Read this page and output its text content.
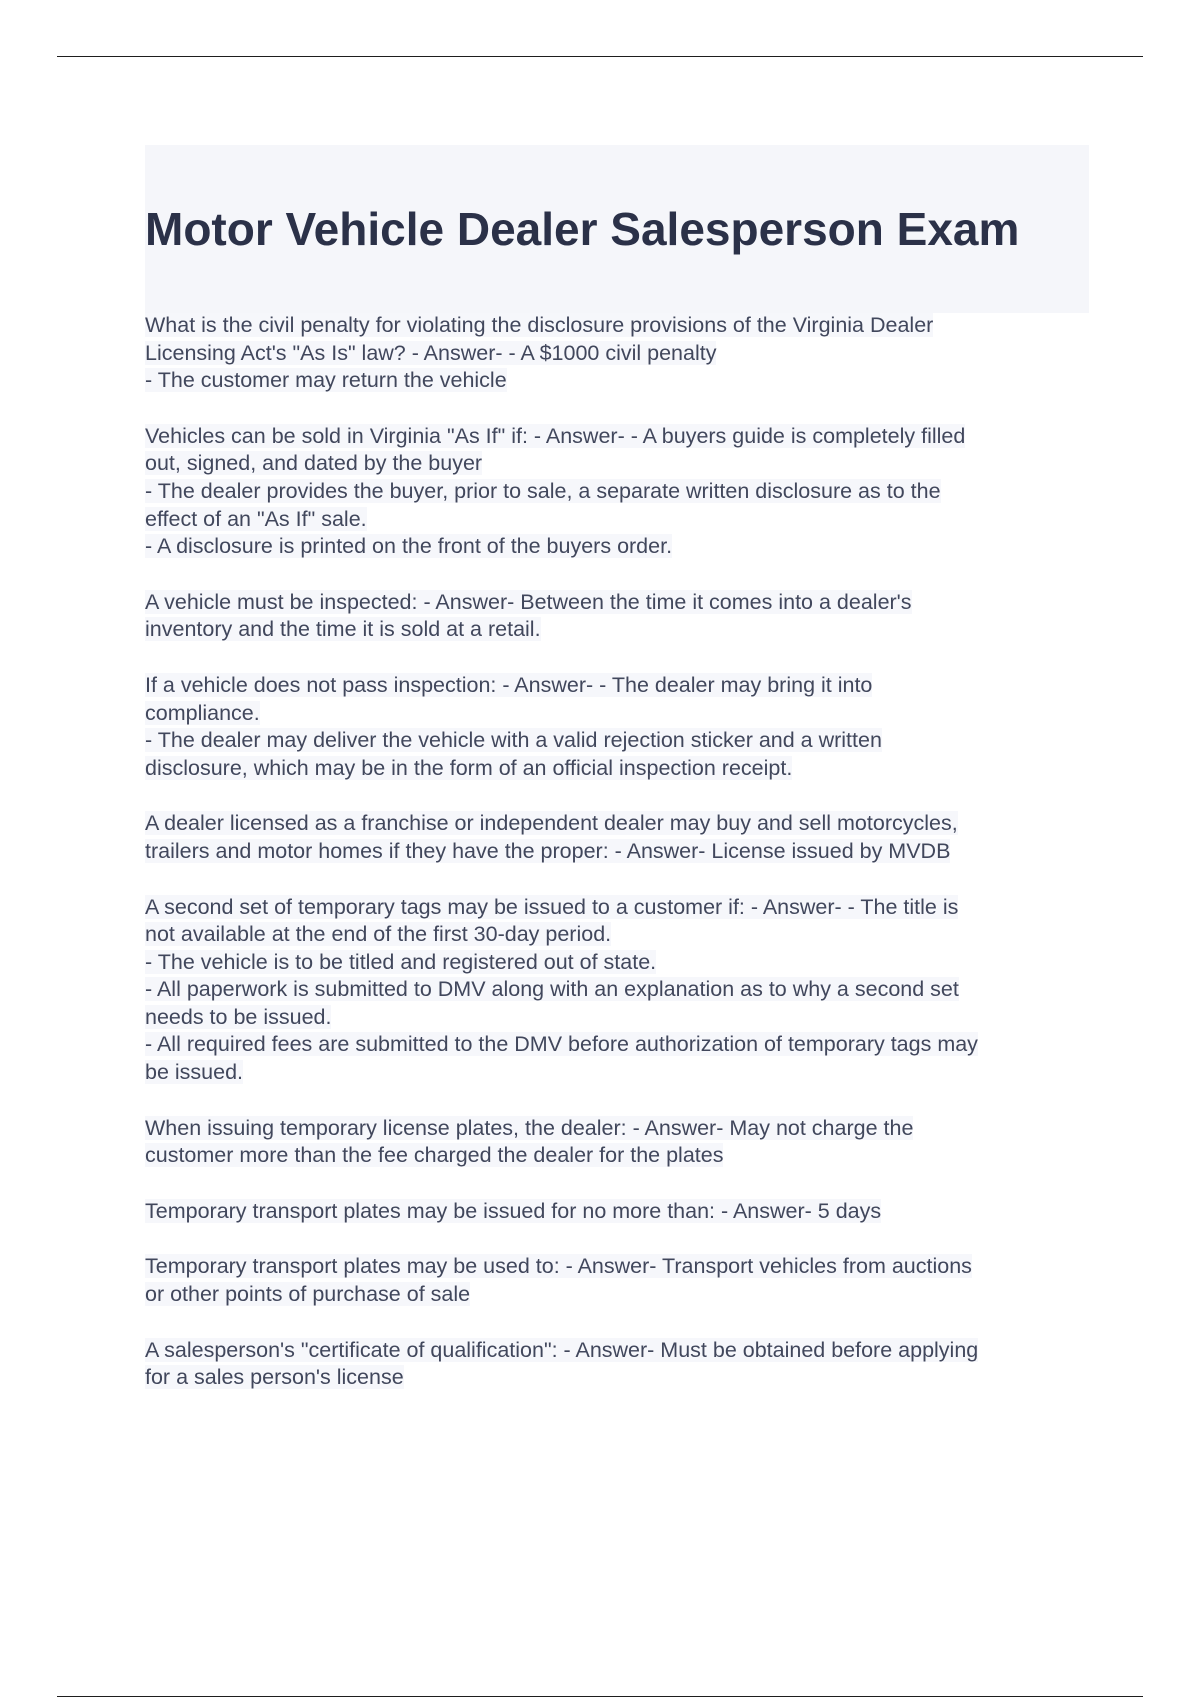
Motor Vehicle Dealer Salesperson Exam
What is the civil penalty for violating the disclosure provisions of the Virginia Dealer
Licensing Act's "As Is" law? - Answer- - A $1000 civil penalty
- The customer may return the vehicle
Vehicles can be sold in Virginia "As If" if: - Answer- - A buyers guide is completely filled
out, signed, and dated by the buyer
- The dealer provides the buyer, prior to sale, a separate written disclosure as to the
effect of an "As If" sale.
- A disclosure is printed on the front of the buyers order.
A vehicle must be inspected: - Answer- Between the time it comes into a dealer's
inventory and the time it is sold at a retail.
If a vehicle does not pass inspection: - Answer- - The dealer may bring it into
compliance.
- The dealer may deliver the vehicle with a valid rejection sticker and a written
disclosure, which may be in the form of an official inspection receipt.
A dealer licensed as a franchise or independent dealer may buy and sell motorcycles,
trailers and motor homes if they have the proper: - Answer- License issued by MVDB
A second set of temporary tags may be issued to a customer if: - Answer- - The title is
not available at the end of the first 30-day period.
- The vehicle is to be titled and registered out of state.
- All paperwork is submitted to DMV along with an explanation as to why a second set
needs to be issued.
- All required fees are submitted to the DMV before authorization of temporary tags may
be issued.
When issuing temporary license plates, the dealer: - Answer- May not charge the
customer more than the fee charged the dealer for the plates
Temporary transport plates may be issued for no more than: - Answer- 5 days
Temporary transport plates may be used to: - Answer- Transport vehicles from auctions
or other points of purchase of sale
A salesperson's "certificate of qualification": - Answer- Must be obtained before applying
for a sales person's license
